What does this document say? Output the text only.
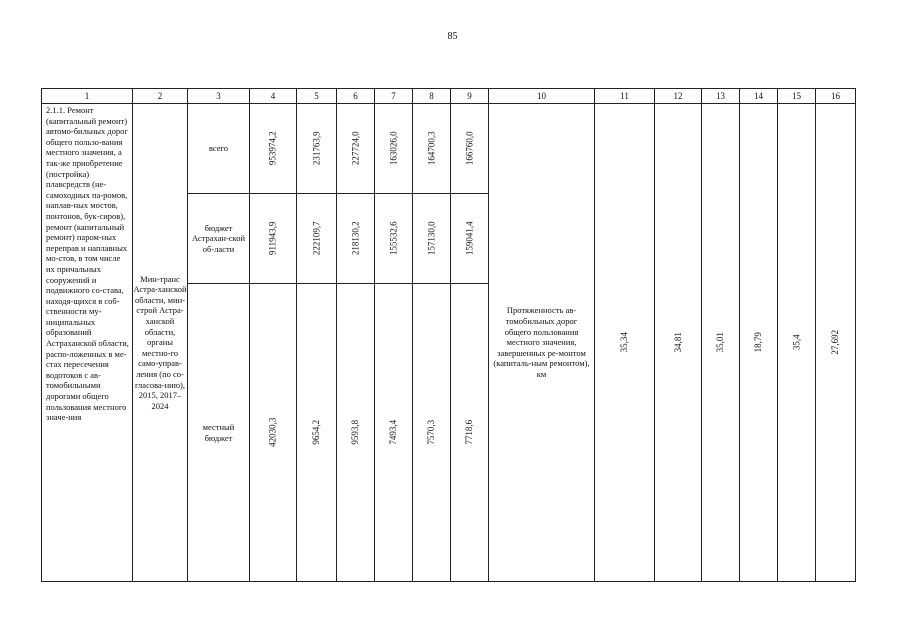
85
1	2	3	4	5	6	7	8	9	10	11	12	13	14	15	16
2.1.1. Ремонт (капитальный ремонт) автомо-бильных дорог общего пользо-вания местного значения, а так-же приобретение (постройка) плавсредств (не-самоходных па-ромов, наплав-ных мостов, понтонов, бук-сиров), ремонт (капитальный ремонт) паром-ных переправ и наплавных мо-стов, в том числе их причальных сооружений и подвижного со-става, находя-щихся в соб-ственности му-ниципальных образований Астраханской области, распо-ложенных в ме-стах пересечения водотоков с ав-томобильными дорогами общего пользования местного значе-ния	Мин-транс Астра-ханской области, мин-строй Астра-ханской области, органы местно-го само-управ-ления (по со-гласова-нию), 2015, 2017–2024	всего	953974,2	231763,9	227724,0	163026,0	164700,3	166760,0	Протяженность ав-томобильных дорог общего пользования местного значения, завершенных ре-монтом (капиталь-ным ремонтом), км	35,34	34,81	35,01	18,79	35,4	27,692
		бюджет Астрахан-ской об-ласти	911943,9	222109,7	218130,2	155532,6	157130,0	159041,4							
		местный бюджет	42030,3	9654,2	9593,8	7493,4	7570,3	7718,6							
